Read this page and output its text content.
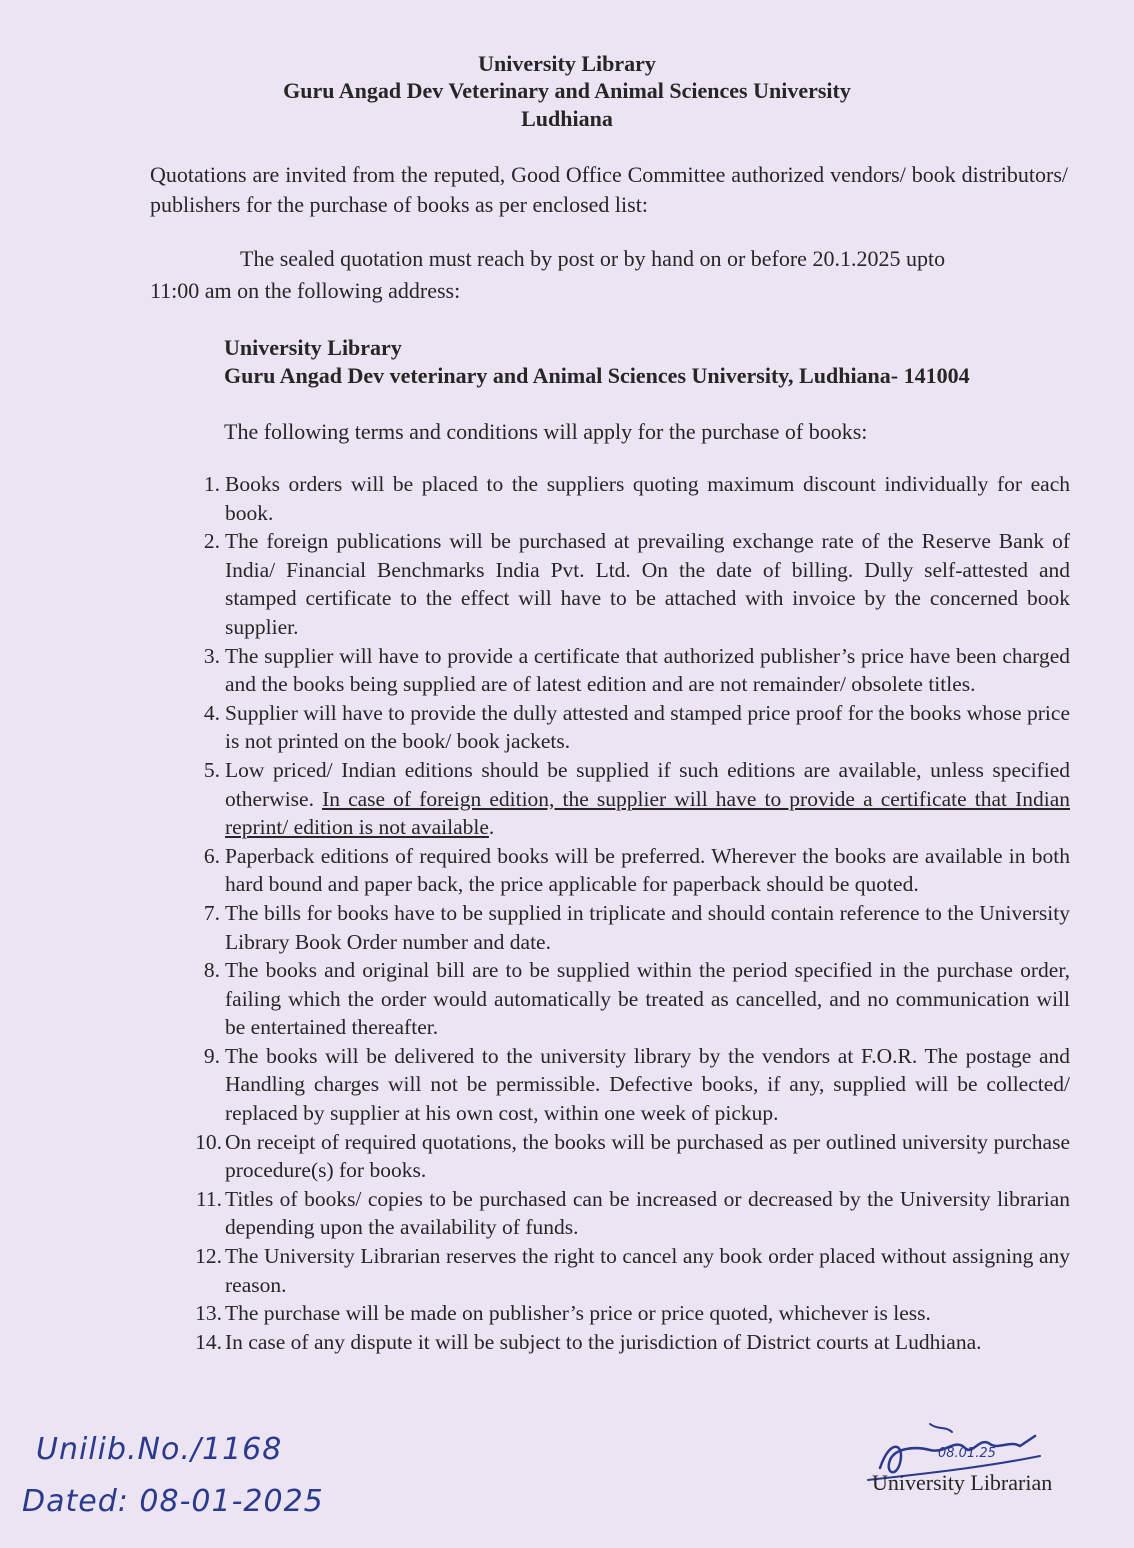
University Library
Guru Angad Dev Veterinary and Animal Sciences University
Ludhiana
Quotations are invited from the reputed, Good Office Committee authorized vendors/ book distributors/ publishers for the purchase of books as per enclosed list:
The sealed quotation must reach by post or by hand on or before 20.1.2025 upto
11:00 am on the following address:
University Library
Guru Angad Dev veterinary and Animal Sciences University, Ludhiana- 141004
The following terms and conditions will apply for the purchase of books:
1. Books orders will be placed to the suppliers quoting maximum discount individually for each book.
2. The foreign publications will be purchased at prevailing exchange rate of the Reserve Bank of India/ Financial Benchmarks India Pvt. Ltd. On the date of billing. Dully self-attested and stamped certificate to the effect will have to be attached with invoice by the concerned book supplier.
3. The supplier will have to provide a certificate that authorized publisher’s price have been charged and the books being supplied are of latest edition and are not remainder/ obsolete titles.
4. Supplier will have to provide the dully attested and stamped price proof for the books whose price is not printed on the book/ book jackets.
5. Low priced/ Indian editions should be supplied if such editions are available, unless specified otherwise. In case of foreign edition, the supplier will have to provide a certificate that Indian reprint/ edition is not available.
6. Paperback editions of required books will be preferred. Wherever the books are available in both hard bound and paper back, the price applicable for paperback should be quoted.
7. The bills for books have to be supplied in triplicate and should contain reference to the University Library Book Order number and date.
8. The books and original bill are to be supplied within the period specified in the purchase order, failing which the order would automatically be treated as cancelled, and no communication will be entertained thereafter.
9. The books will be delivered to the university library by the vendors at F.O.R. The postage and Handling charges will not be permissible. Defective books, if any, supplied will be collected/ replaced by supplier at his own cost, within one week of pickup.
10. On receipt of required quotations, the books will be purchased as per outlined university purchase procedure(s) for books.
11. Titles of books/ copies to be purchased can be increased or decreased by the University librarian depending upon the availability of funds.
12. The University Librarian reserves the right to cancel any book order placed without assigning any reason.
13. The purchase will be made on publisher’s price or price quoted, whichever is less.
14. In case of any dispute it will be subject to the jurisdiction of District courts at Ludhiana.
Unilib.No./1168
Dated: 08-01-2025
08.01.25
University Librarian
